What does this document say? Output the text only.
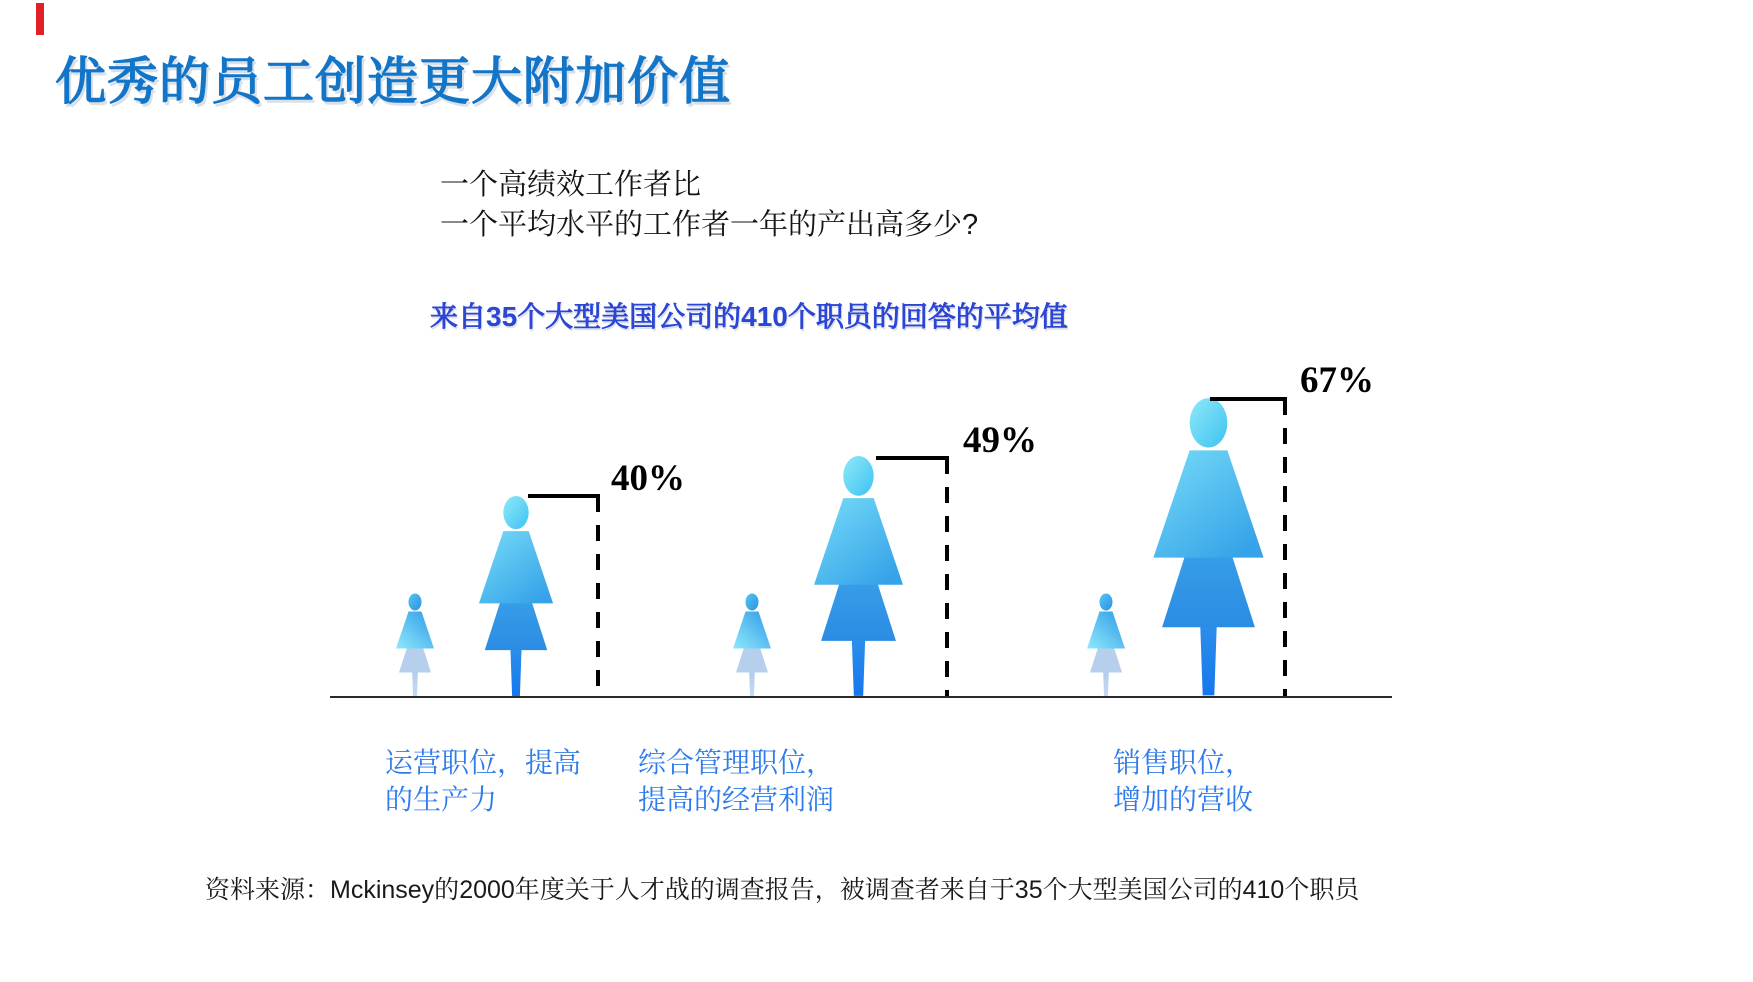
优秀的员工创造更大附加价值
一个高绩效工作者比
一个平均水平的工作者一年的产出高多少?
来自35个大型美国公司的410个职员的回答的平均值
40%
运营职位，提高
的生产力
49%
综合管理职位，
提高的经营利润
67%
销售职位，
增加的营收
资料来源：Mckinsey的2000年度关于人才战的调查报告，被调查者来自于35个大型美国公司的410个职员
